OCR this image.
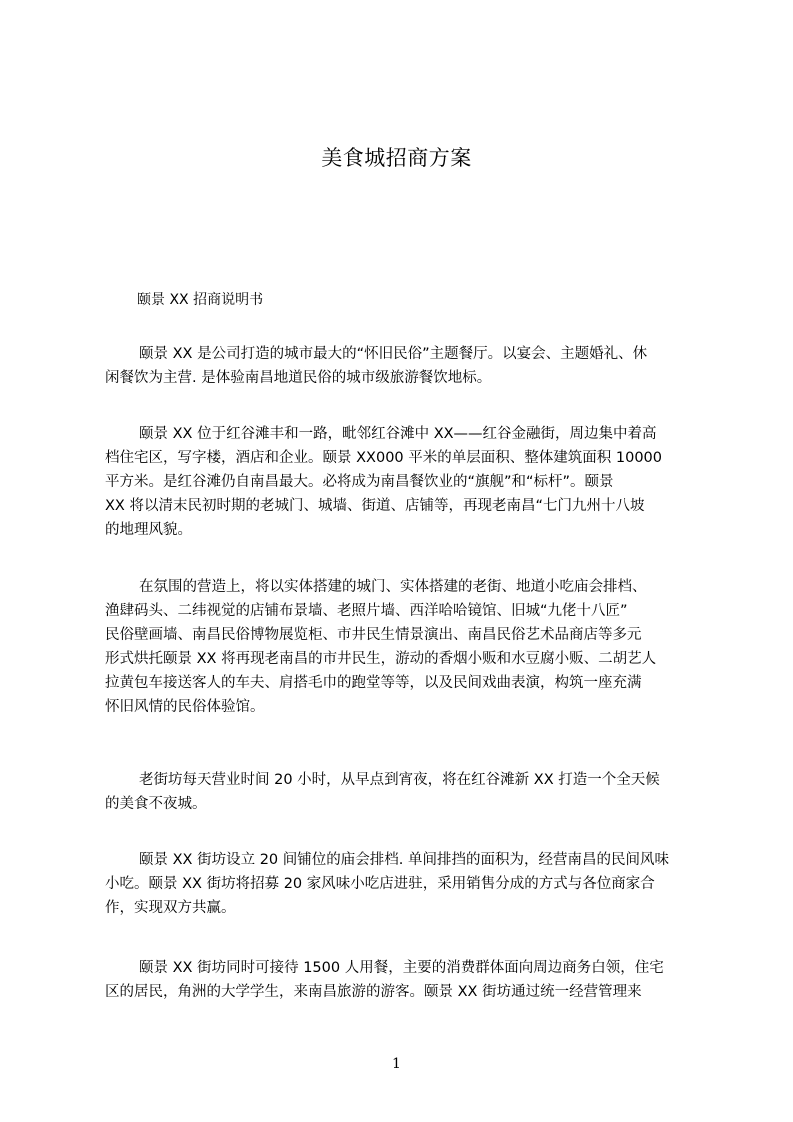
美食城招商方案
颐景 XX 招商说明书
颐景 XX 是公司打造的城市最大的“怀旧民俗”主题餐厅。以宴会、主题婚礼、休
闲餐饮为主营. 是体验南昌地道民俗的城市级旅游餐饮地标。
颐景 XX 位于红谷滩丰和一路，毗邻红谷滩中 XX——红谷金融街，周边集中着高
档住宅区，写字楼，酒店和企业。颐景 XX000 平米的单层面积、整体建筑面积 10000
平方米。是红谷滩仍自南昌最大。必将成为南昌餐饮业的“旗舰”和“标杆”。颐景
XX 将以清末民初时期的老城门、城墙、街道、店铺等，再现老南昌“七门九州十八坡
的地理风貌。
在氛围的营造上，将以实体搭建的城门、实体搭建的老街、地道小吃庙会排档、
渔肆码头、二纬视觉的店铺布景墙、老照片墙、西洋哈哈镜馆、旧城“九佬十八匠”
民俗壁画墙、南昌民俗博物展览柜、市井民生情景演出、南昌民俗艺术品商店等多元
形式烘托颐景 XX 将再现老南昌的市井民生，游动的香烟小贩和水豆腐小贩、二胡艺人
拉黄包车接送客人的车夫、肩搭毛巾的跑堂等等，以及民间戏曲表演，构筑一座充满
怀旧风情的民俗体验馆。
老街坊每天营业时间 20 小时，从早点到宵夜，将在红谷滩新 XX 打造一个全天候
的美食不夜城。
颐景 XX 街坊设立 20 间铺位的庙会排档. 单间排挡的面积为，经营南昌的民间风味
小吃。颐景 XX 街坊将招募 20 家风味小吃店进驻，采用销售分成的方式与各位商家合
作，实现双方共赢。
颐景 XX 街坊同时可接待 1500 人用餐，主要的消费群体面向周边商务白领，住宅
区的居民，角洲的大学学生，来南昌旅游的游客。颐景 XX 街坊通过统一经营管理来
1
